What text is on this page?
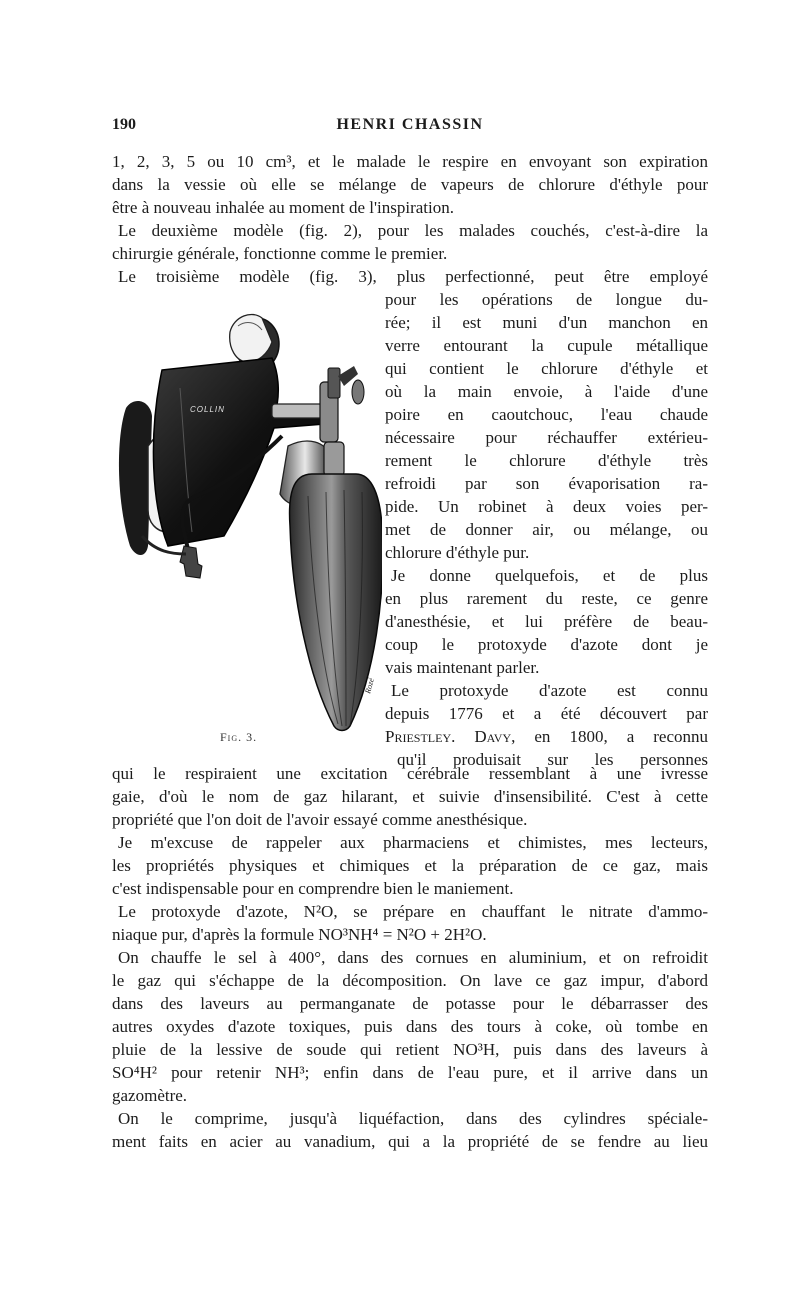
190	HENRI CHASSIN
1, 2, 3, 5 ou 10 cm³, et le malade le respire en envoyant son expiration
dans la vessie où elle se mélange de vapeurs de chlorure d'éthyle pour
être à nouveau inhalée au moment de l'inspiration.
Le deuxième modèle (fig. 2), pour les malades couchés, c'est-à-dire la
chirurgie générale, fonctionne comme le premier.
Le troisième modèle (fig. 3), plus perfectionné, peut être employé
COLLIN
Rozé
Fig. 3.
pour les opérations de longue du-
rée; il est muni d'un manchon en
verre entourant la cupule métallique
qui contient le chlorure d'éthyle et
où la main envoie, à l'aide d'une
poire en caoutchouc, l'eau chaude
nécessaire pour réchauffer extérieu-
rement le chlorure d'éthyle très
refroidi par son évaporisation ra-
pide. Un robinet à deux voies per-
met de donner air, ou mélange, ou
chlorure d'éthyle pur.
Je donne quelquefois, et de plus
en plus rarement du reste, ce genre
d'anesthésie, et lui préfère de beau-
coup le protoxyde d'azote dont je
vais maintenant parler.
Le protoxyde d'azote est connu
depuis 1776 et a été découvert par
Priestley. Davy, en 1800, a reconnu
qu'il produisait sur les personnes
qui le respiraient une excitation cérébrale ressemblant à une ivresse
gaie, d'où le nom de gaz hilarant, et suivie d'insensibilité. C'est à cette
propriété que l'on doit de l'avoir essayé comme anesthésique.
Je m'excuse de rappeler aux pharmaciens et chimistes, mes lecteurs,
les propriétés physiques et chimiques et la préparation de ce gaz, mais
c'est indispensable pour en comprendre bien le maniement.
Le protoxyde d'azote, N²O, se prépare en chauffant le nitrate d'ammo-
niaque pur, d'après la formule NO³NH⁴ = N²O + 2H²O.
On chauffe le sel à 400°, dans des cornues en aluminium, et on refroidit
le gaz qui s'échappe de la décomposition. On lave ce gaz impur, d'abord
dans des laveurs au permanganate de potasse pour le débarrasser des
autres oxydes d'azote toxiques, puis dans des tours à coke, où tombe en
pluie de la lessive de soude qui retient NO³H, puis dans des laveurs à
SO⁴H² pour retenir NH³; enfin dans de l'eau pure, et il arrive dans un
gazomètre.
On le comprime, jusqu'à liquéfaction, dans des cylindres spéciale-
ment faits en acier au vanadium, qui a la propriété de se fendre au lieu
